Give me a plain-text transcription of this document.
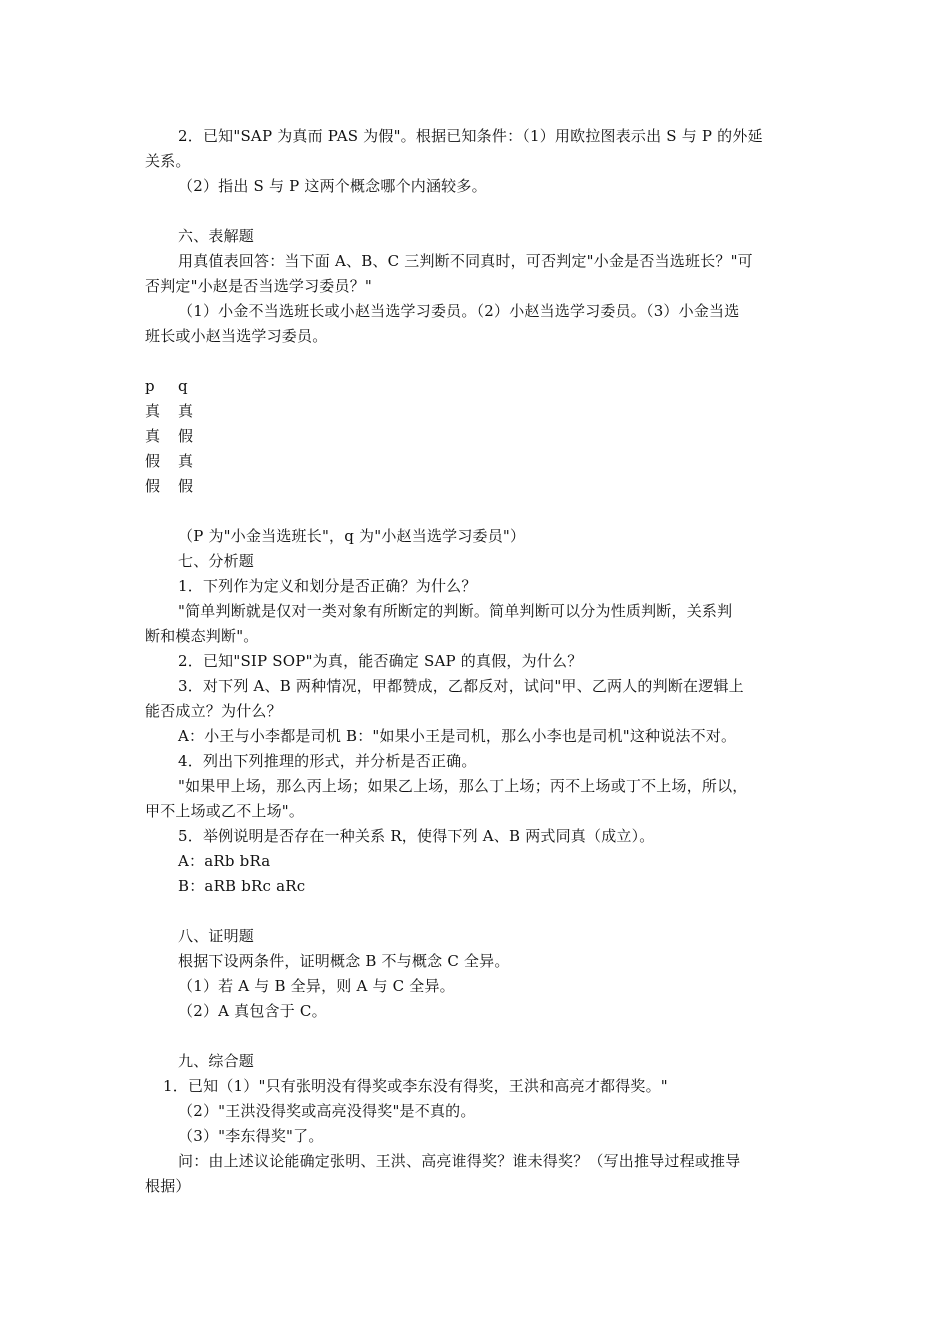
2．已知"SAP 为真而 PAS 为假"。根据已知条件：（1）用欧拉图表示出 S 与 P 的外延
关系。
（2）指出 S 与 P 这两个概念哪个内涵较多。
六、表解题
用真值表回答：当下面 A、B、C 三判断不同真时，可否判定"小金是否当选班长？"可
否判定"小赵是否当选学习委员？"
（1）小金不当选班长或小赵当选学习委员。（2）小赵当选学习委员。（3）小金当选
班长或小赵当选学习委员。
p q
真 真
真 假
假 真
假 假
（P 为"小金当选班长"，q 为"小赵当选学习委员"）
七、分析题
1．下列作为定义和划分是否正确？为什么？
"简单判断就是仅对一类对象有所断定的判断。简单判断可以分为性质判断，关系判
断和模态判断"。
2．已知"SIP SOP"为真，能否确定 SAP 的真假，为什么？
3．对下列 A、B 两种情况，甲都赞成，乙都反对，试问"甲、乙两人的判断在逻辑上
能否成立？为什么？
A：小王与小李都是司机 B："如果小王是司机，那么小李也是司机"这种说法不对。
4．列出下列推理的形式，并分析是否正确。
"如果甲上场，那么丙上场；如果乙上场，那么丁上场；丙不上场或丁不上场，所以，
甲不上场或乙不上场"。
5．举例说明是否存在一种关系 R，使得下列 A、B 两式同真（成立）。
A：aRb bRa
B：aRB bRc aRc
八、证明题
根据下设两条件，证明概念 B 不与概念 C 全异。
（1）若 A 与 B 全异，则 A 与 C 全异。
（2）A 真包含于 C。
九、综合题
1．已知（1）"只有张明没有得奖或李东没有得奖，王洪和高亮才都得奖。"
（2）"王洪没得奖或高亮没得奖"是不真的。
（3）"李东得奖"了。
问：由上述议论能确定张明、王洪、高亮谁得奖？谁未得奖？（写出推导过程或推导
根据）
